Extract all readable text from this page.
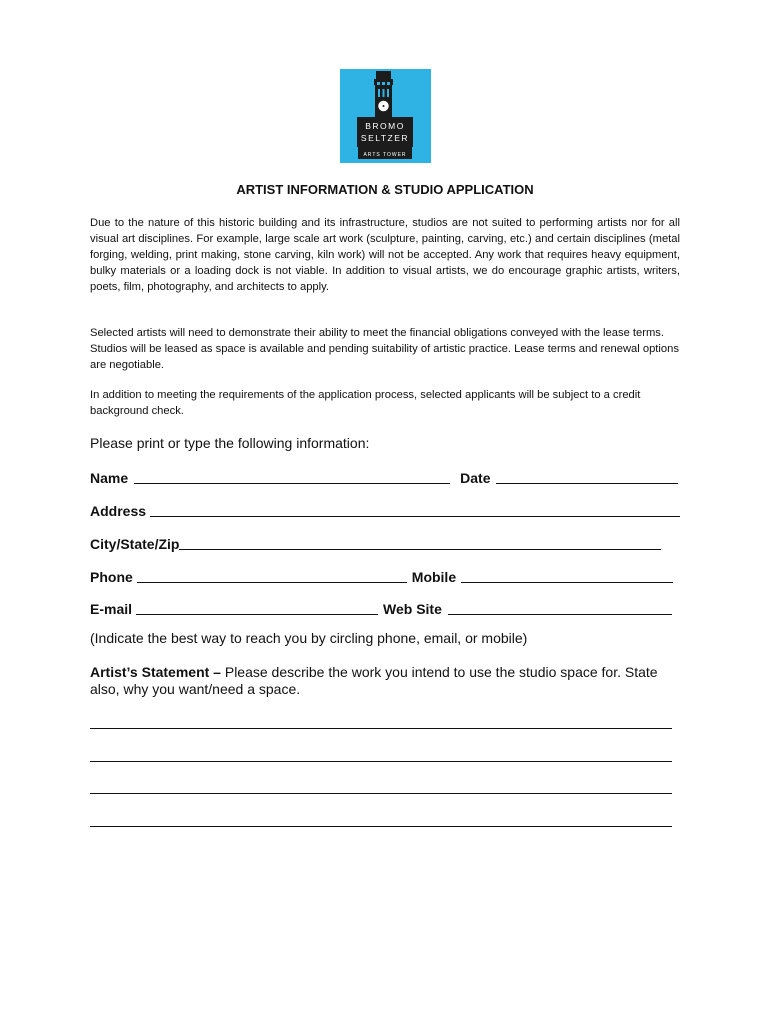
BROMO
SELTZER
ARTS TOWER
ARTIST INFORMATION & STUDIO APPLICATION

Due to the nature of this historic building and its infrastructure, studios are not suited to performing artists nor for all visual art disciplines. For example, large scale art work (sculpture, painting, carving, etc.) and certain disciplines (metal forging, welding, print making, stone carving, kiln work) will not be accepted. Any work that requires heavy equipment, bulky materials or a loading dock is not viable. In addition to visual artists, we do encourage graphic artists, writers, poets, film, photography, and architects to apply.

Selected artists will need to demonstrate their ability to meet the financial obligations conveyed with the lease terms. Studios will be leased as space is available and pending suitability of artistic practice. Lease terms and renewal options are negotiable.

In addition to meeting the requirements of the application process, selected applicants will be subject to a credit background check.

Please print or type the following information:
Name	Date
Address
City/State/Zip
Phone	Mobile
E-mail	Web Site
(Indicate the best way to reach you by circling phone, email, or mobile)

Artist’s Statement – Please describe the work you intend to use the studio space for. State also, why you want/need a space.
